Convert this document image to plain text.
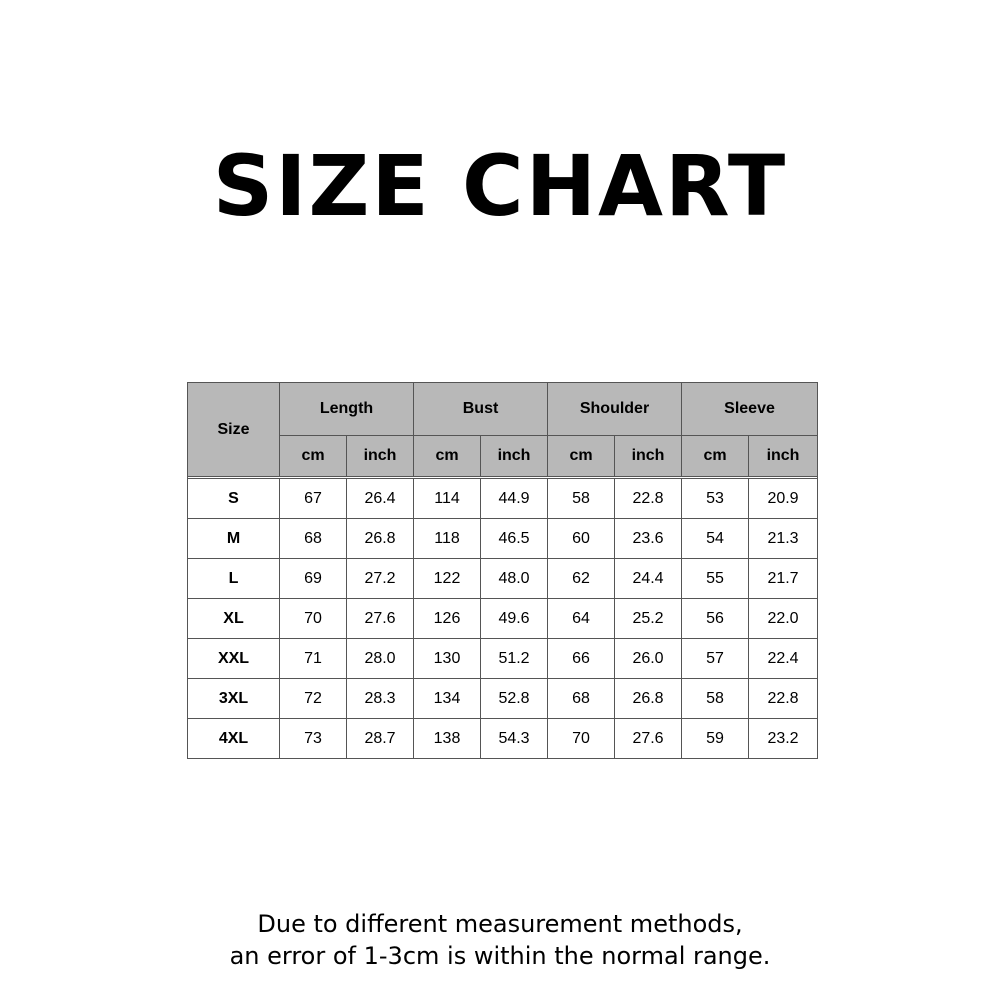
SIZE CHART
Size	Length		Bust		Shoulder		Sleeve	
	cm	inch	cm	inch	cm	inch	cm	inch

S	67	26.4	114	44.9	58	22.8	53	20.9
M	68	26.8	118	46.5	60	23.6	54	21.3
L	69	27.2	122	48.0	62	24.4	55	21.7
XL	70	27.6	126	49.6	64	25.2	56	22.0
XXL	71	28.0	130	51.2	66	26.0	57	22.4
3XL	72	28.3	134	52.8	68	26.8	58	22.8
4XL	73	28.7	138	54.3	70	27.6	59	23.2
Due to different measurement methods,
an error of 1-3cm is within the normal range.
